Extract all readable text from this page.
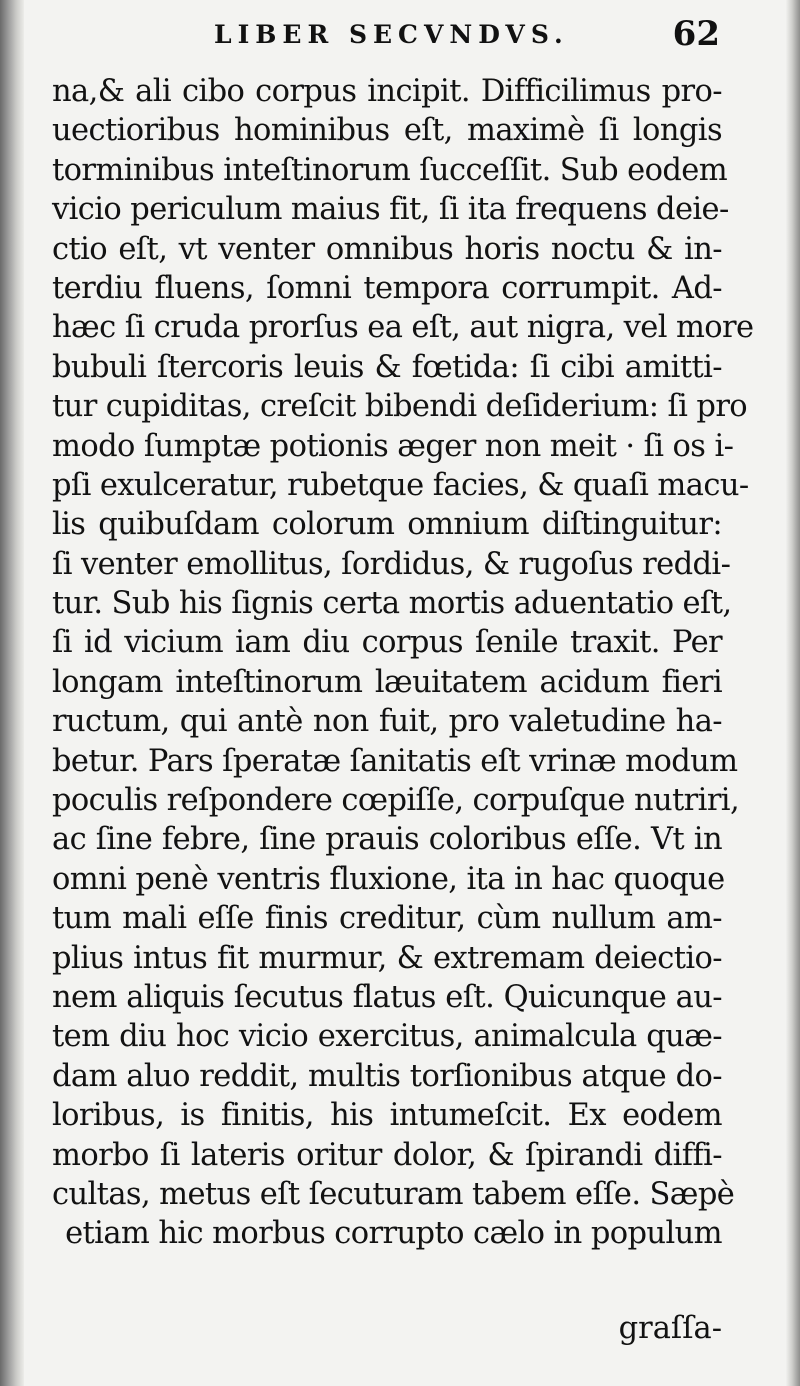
LIBER SECVNDVS.	62
na,& ali cibo corpus incipit. Difficilimus pro-
uectioribus hominibus eſt, maximè ſi longis
torminibus inteſtinorum ſucceſſit. Sub eodem
vicio periculum maius fit, ſi ita frequens deie-
ctio eſt, vt venter omnibus horis noctu & in-
terdiu fluens, ſomni tempora corrumpit. Ad-
hæc ſi cruda prorſus ea eſt, aut nigra, vel more
bubuli ſtercoris leuis & fœtida: ſi cibi amitti-
tur cupiditas, creſcit bibendi deſiderium: ſi pro
modo ſumptæ potionis æger non meit · ſi os i-
pſi exulceratur, rubetque facies, & quaſi macu-
lis quibuſdam colorum omnium diſtinguitur:
ſi venter emollitus, ſordidus, & rugoſus reddi-
tur. Sub his ſignis certa mortis aduentatio eſt,
ſi id vicium iam diu corpus ſenile traxit. Per
longam inteſtinorum læuitatem acidum fieri
ructum, qui antè non fuit, pro valetudine ha-
betur. Pars ſperatæ ſanitatis eſt vrinæ modum
poculis reſpondere cœpiſſe, corpuſque nutriri,
ac ſine febre, ſine prauis coloribus eſſe. Vt in
omni penè ventris fluxione, ita in hac quoque
tum mali eſſe finis creditur, cùm nullum am-
plius intus fit murmur, & extremam deiectio-
nem aliquis ſecutus flatus eſt. Quicunque au-
tem diu hoc vicio exercitus, animalcula quæ-
dam aluo reddit, multis torſionibus atque do-
loribus, is finitis, his intumeſcit. Ex eodem
morbo ſi lateris oritur dolor, & ſpirandi diffi-
cultas, metus eſt ſecuturam tabem eſſe. Sæpè
etiam hic morbus corrupto cælo in populum
graſſa-
